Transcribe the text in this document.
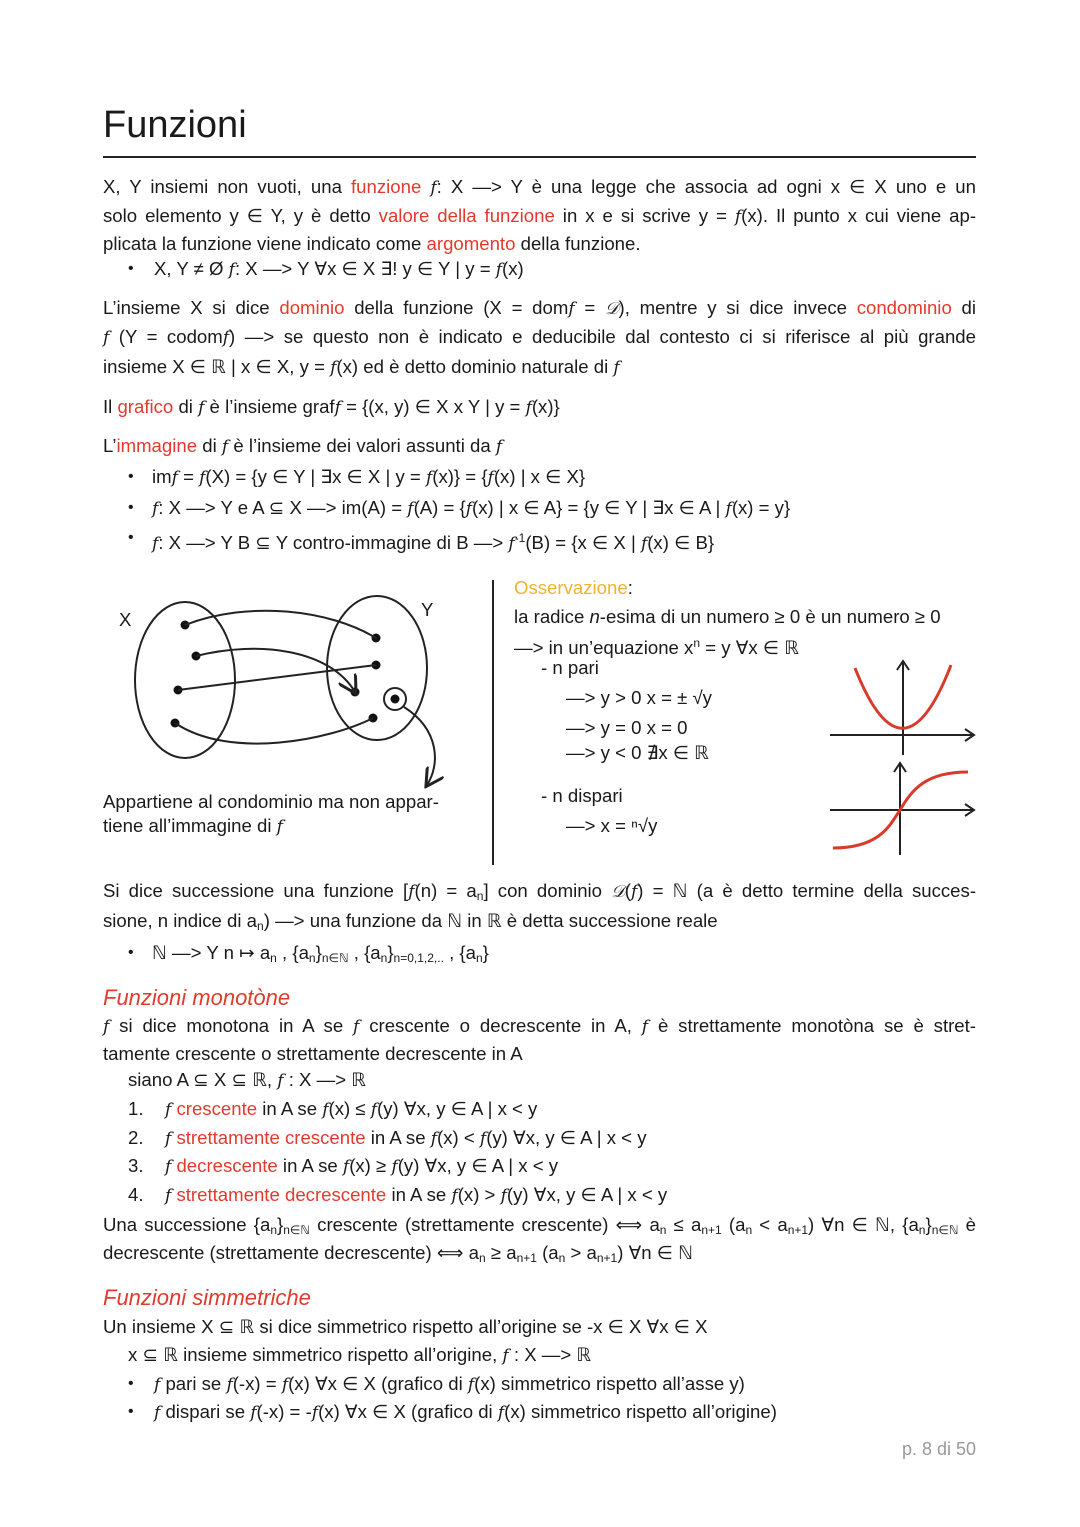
Funzioni
X, Y insiemi non vuoti, una funzione f: X —> Y è una legge che associa ad ogni x ∈ X uno e un
solo elemento y ∈ Y, y è detto valore della funzione in x e si scrive y = f(x). Il punto x cui viene ap-
plicata la funzione viene indicato come argomento della funzione.
• X, Y ≠ Ø f: X —> Y ∀x ∈ X ∃! y ∈ Y | y = f(x)
L’insieme X si dice dominio della funzione (X = domf = 𝒟), mentre y si dice invece condominio di
f (Y = codomf) —> se questo non è indicato e deducibile dal contesto ci si riferisce al più grande
insieme X ∈ ℝ | x ∈ X, y = f(x) ed è detto dominio naturale di f
Il grafico di f è l’insieme graff = {(x, y) ∈ X x Y | y = f(x)}
L’immagine di f è l’insieme dei valori assunti da f
• imf = f(X) = {y ∈ Y | ∃x ∈ X | y = f(x)} = {f(x) | x ∈ X}
• f: X —> Y e A ⊆ X —> im(A) = f(A) = {f(x) | x ∈ A} = {y ∈ Y | ∃x ∈ A | f(x) = y}
• f: X —> Y B ⊆ Y contro-immagine di B —> $f^{-1}(B) = \{x$ ∈ X | f(x) ∈ B}
Si dice successione una funzione $[f(n) = a_n]$ con dominio 𝒟(f) = ℕ (a è detto termine della succes-
sione, n indice di $a_n$) —> una funzione da ℕ in ℝ è detta successione reale
• ℕ —> Y n ↦ $a_n$ , $\{a_n\}_{n\in ℕ}$ , $\{a_n\}_{n=0,1,2,..}$ , $\{a_n\}$
f si dice monotona in A se f crescente o decrescente in A, f è strettamente monotòna se è stret-
tamente crescente o strettamente decrescente in A
siano A ⊆ X ⊆ ℝ, f : X —> ℝ
1. f crescente in A se f(x) ≤ f(y) ∀x, y ∈ A | x < y
2. f strettamente crescente in A se f(x) < f(y) ∀x, y ∈ A | x < y
3. f decrescente in A se f(x) ≥ f(y) ∀x, y ∈ A | x < y
4. f strettamente decrescente in A se f(x) > f(y) ∀x, y ∈ A | x < y
Una successione $\{a_n\}_{n\in ℕ}$ crescente (strettamente crescente) ⟺ $a_n \le a_{n+1}$ $(a_n < a_{n+1})$ ∀n ∈ ℕ, $\{a_n\}_{n\in ℕ}$ è
decrescente (strettamente decrescente) ⟺ $a_n \ge a_{n+1}$ $(a_n > a_{n+1})$ ∀n ∈ ℕ
Un insieme X ⊆ ℝ si dice simmetrico rispetto all’origine se -x ∈ X ∀x ∈ X
x ⊆ ℝ insieme simmetrico rispetto all’origine, f : X —> ℝ
• f pari se f(-x) = f(x) ∀x ∈ X (grafico di f(x) simmetrico rispetto all’asse y)
• f dispari se f(-x) = -f(x) ∀x ∈ X (grafico di f(x) simmetrico rispetto all’origine)
Funzioni monotòne
Funzioni simmetriche
X	Y
Appartiene al condominio ma non appar-
tiene all’immagine di f
Osservazione:
la radice n-esima di un numero ≥ 0 è un numero ≥ 0
—> in un’equazione $x^n = y$ ∀x ∈ ℝ
- n pari
—> y > 0 x = ± √y
—> y = 0 x = 0
—> y < 0 ∄x ∈ ℝ
- n dispari
—> x = ⁿ√y
p. 8 di 50
